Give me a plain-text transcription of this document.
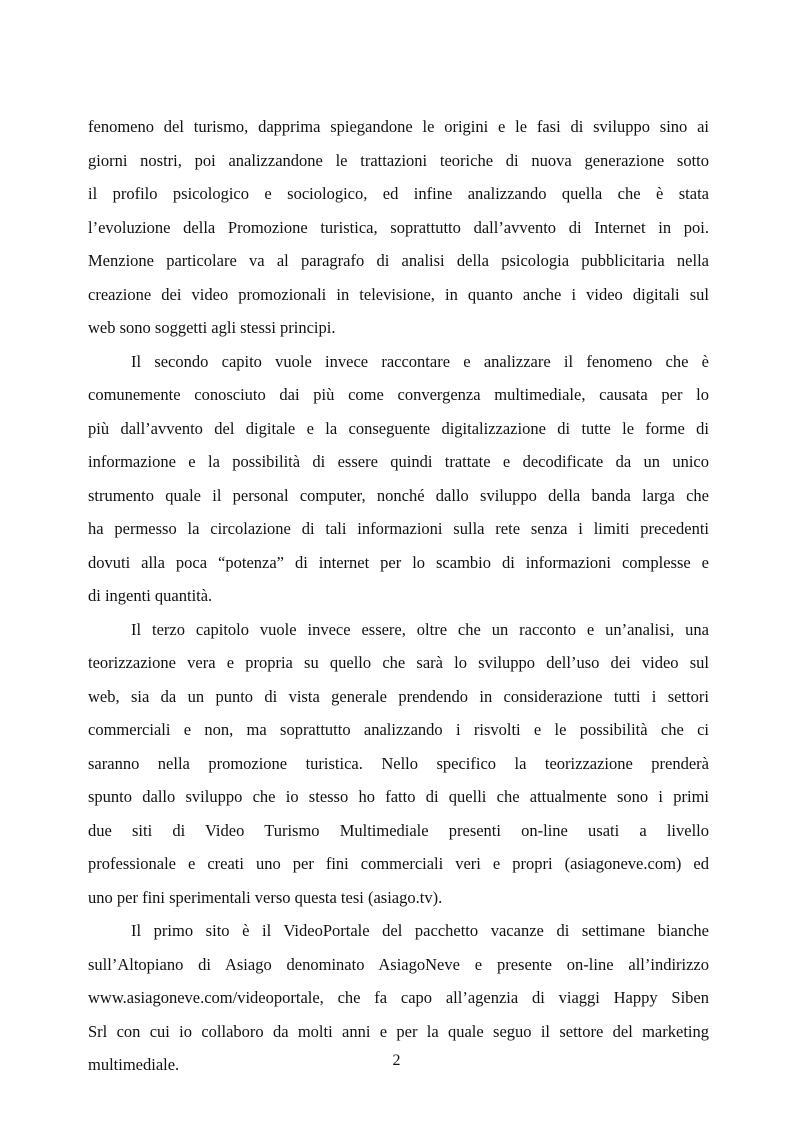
fenomeno del turismo, dapprima spiegandone le origini e le fasi di sviluppo sino ai
giorni nostri, poi analizzandone le trattazioni teoriche di nuova generazione sotto
il profilo psicologico e sociologico, ed infine analizzando quella che è stata
l’evoluzione della Promozione turistica, soprattutto dall’avvento di Internet in poi.
Menzione particolare va al paragrafo di analisi della psicologia pubblicitaria nella
creazione dei video promozionali in televisione, in quanto anche i video digitali sul
web sono soggetti agli stessi principi.
Il secondo capito vuole invece raccontare e analizzare il fenomeno che è
comunemente conosciuto dai più come convergenza multimediale, causata per lo
più dall’avvento del digitale e la conseguente digitalizzazione di tutte le forme di
informazione e la possibilità di essere quindi trattate e decodificate da un unico
strumento quale il personal computer, nonché dallo sviluppo della banda larga che
ha permesso la circolazione di tali informazioni sulla rete senza i limiti precedenti
dovuti alla poca “potenza” di internet per lo scambio di informazioni complesse e
di ingenti quantità.
Il terzo capitolo vuole invece essere, oltre che un racconto e un’analisi, una
teorizzazione vera e propria su quello che sarà lo sviluppo dell’uso dei video sul
web, sia da un punto di vista generale prendendo in considerazione tutti i settori
commerciali e non, ma soprattutto analizzando i risvolti e le possibilità che ci
saranno nella promozione turistica. Nello specifico la teorizzazione prenderà
spunto dallo sviluppo che io stesso ho fatto di quelli che attualmente sono i primi
due siti di Video Turismo Multimediale presenti on-line usati a livello
professionale e creati uno per fini commerciali veri e propri (asiagoneve.com) ed
uno per fini sperimentali verso questa tesi (asiago.tv).
Il primo sito è il VideoPortale del pacchetto vacanze di settimane bianche
sull’Altopiano di Asiago denominato AsiagoNeve e presente on-line all’indirizzo
www.asiagoneve.com/videoportale, che fa capo all’agenzia di viaggi Happy Siben
Srl con cui io collaboro da molti anni e per la quale seguo il settore del marketing
multimediale.	2
